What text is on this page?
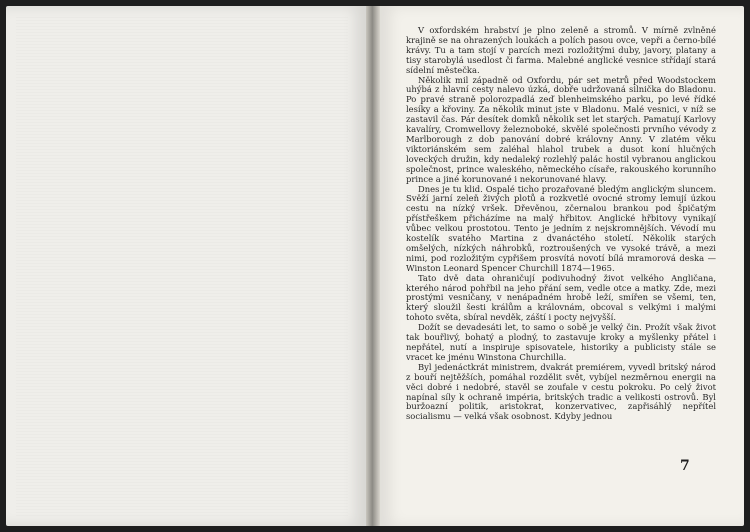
V oxfordském hrabství je plno zeleně a stromů. V mírně zvlněné krajině se na ohrazených loukách a polích pasou ovce, vepři a černo-bílé krávy. Tu a tam stojí v parcích mezi rozložitými duby, javory, platany a tisy starobylá usedlost či farma. Malebné anglické vesnice střídají stará sídelní městečka.

Několik mil západně od Oxfordu, pár set metrů před Woodstockem uhýbá z hlavní cesty nalevo úzká, dobře udržovaná silnička do Bladonu. Po pravé straně polorozpadlá zeď blenheimského parku, po levé řídké lesíky a křoviny. Za několik minut jste v Bladonu. Malé vesnici, v níž se zastavil čas. Pár desítek domků několik set let starých. Pamatují Karlovy kavalíry, Cromwellovy železnoboké, skvělé společnosti prvního vévody z Marlborough z dob panování dobré královny Anny. V zlatém věku viktoriánském sem zaléhal hlahol trubek a dusot koní hlučných loveckých družin, kdy nedaleký rozlehlý palác hostil vybranou anglickou společnost, prince waleského, německého císaře, rakouského korunního prince a jiné korunované i nekorunované hlavy.

Dnes je tu klid. Ospalé ticho prozařované bledým anglickým sluncem. Svěží jarní zeleň živých plotů a rozkvetlé ovocné stromy lemují úzkou cestu na nízký vršek. Dřevěnou, zčernalou brankou pod špičatým přístřeškem přicházíme na malý hřbitov. Anglické hřbitovy vynikají vůbec velkou prostotou. Tento je jedním z nejskromnějších. Vévodí mu kostelík svatého Martina z dvanáctého století. Několik starých omšelých, nízkých náhrobků, roztroušených ve vysoké trávě, a mezi nimi, pod rozložitým cypřišem prosvítá novotí bílá mramorová deska — Winston Leonard Spencer Churchill 1874—1965.

Tato dvě data ohraničují podivuhodný život velkého Angličana, kterého národ pohřbil na jeho přání sem, vedle otce a matky. Zde, mezi prostými vesničany, v nenápadném hrobě leží, smířen se všemi, ten, který sloužil šesti králům a královnám, obcoval s velkými i malými tohoto světa, sbíral nevděk, záští i pocty nejvyšší.

Dožít se devadesáti let, to samo o sobě je velký čin. Prožít však život tak bouřlivý, bohatý a plodný, to zastavuje kroky a myšlenky přátel i nepřátel, nutí a inspiruje spisovatele, historiky a publicisty stále se vracet ke jménu Winstona Churchilla.

Byl jedenáctkrát ministrem, dvakrát premiérem, vyvedl britský národ z bouří nejtěžších, pomáhal rozdělit svět, vybíjel nezměrnou energii na věci dobré i nedobré, stavěl se zoufale v cestu pokroku. Po celý život napínal síly k ochraně impéria, britských tradic a velikosti ostrovů. Byl buržoazní politik, aristokrat, konzervativec, zapřisáhlý nepřítel socialismu — velká však osobnost. Kdyby jednou

7
